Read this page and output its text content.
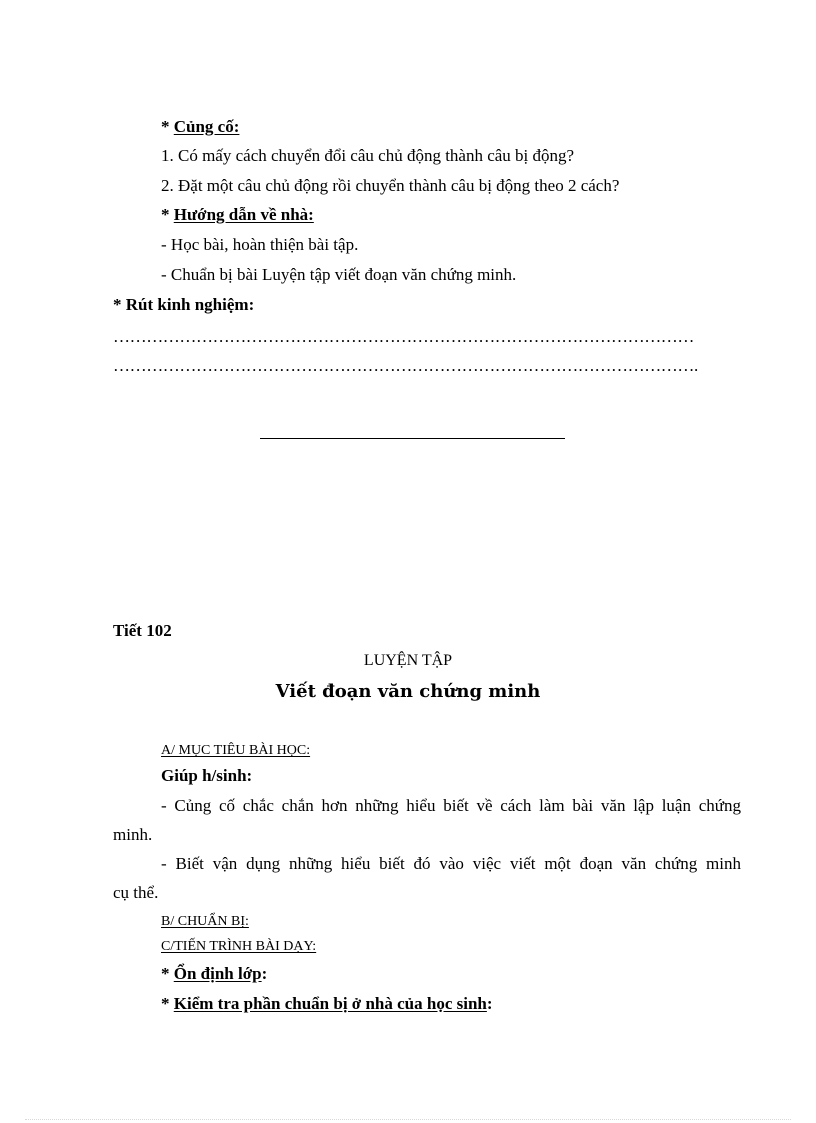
* Củng cố:
1. Có mấy cách chuyển đổi câu chủ động thành câu bị động?
2. Đặt một câu chủ động rồi chuyển thành câu bị động theo 2 cách?
* Hướng dẫn về nhà:
- Học bài, hoàn thiện bài tập.
- Chuẩn bị bài Luyện tập viết đoạn văn chứng minh.
* Rút kinh nghiệm:
……………………………………………………………………………………………
…………………………………………………………………………………………….
Tiết 102
LUYỆN TẬP
Viết đoạn văn chứng minh
A/ MỤC TIÊU BÀI HỌC:
Giúp h/sinh:
- Củng cố chắc chắn hơn những hiểu biết về cách làm bài văn lập luận chứng
minh.
- Biết vận dụng những hiểu biết đó vào việc viết một đoạn văn chứng minh
cụ thể.
B/ CHUẨN BỊ:
C/TIẾN TRÌNH BÀI DẠY:
* Ổn định lớp:
* Kiểm tra phần chuẩn bị ở nhà của học sinh:
